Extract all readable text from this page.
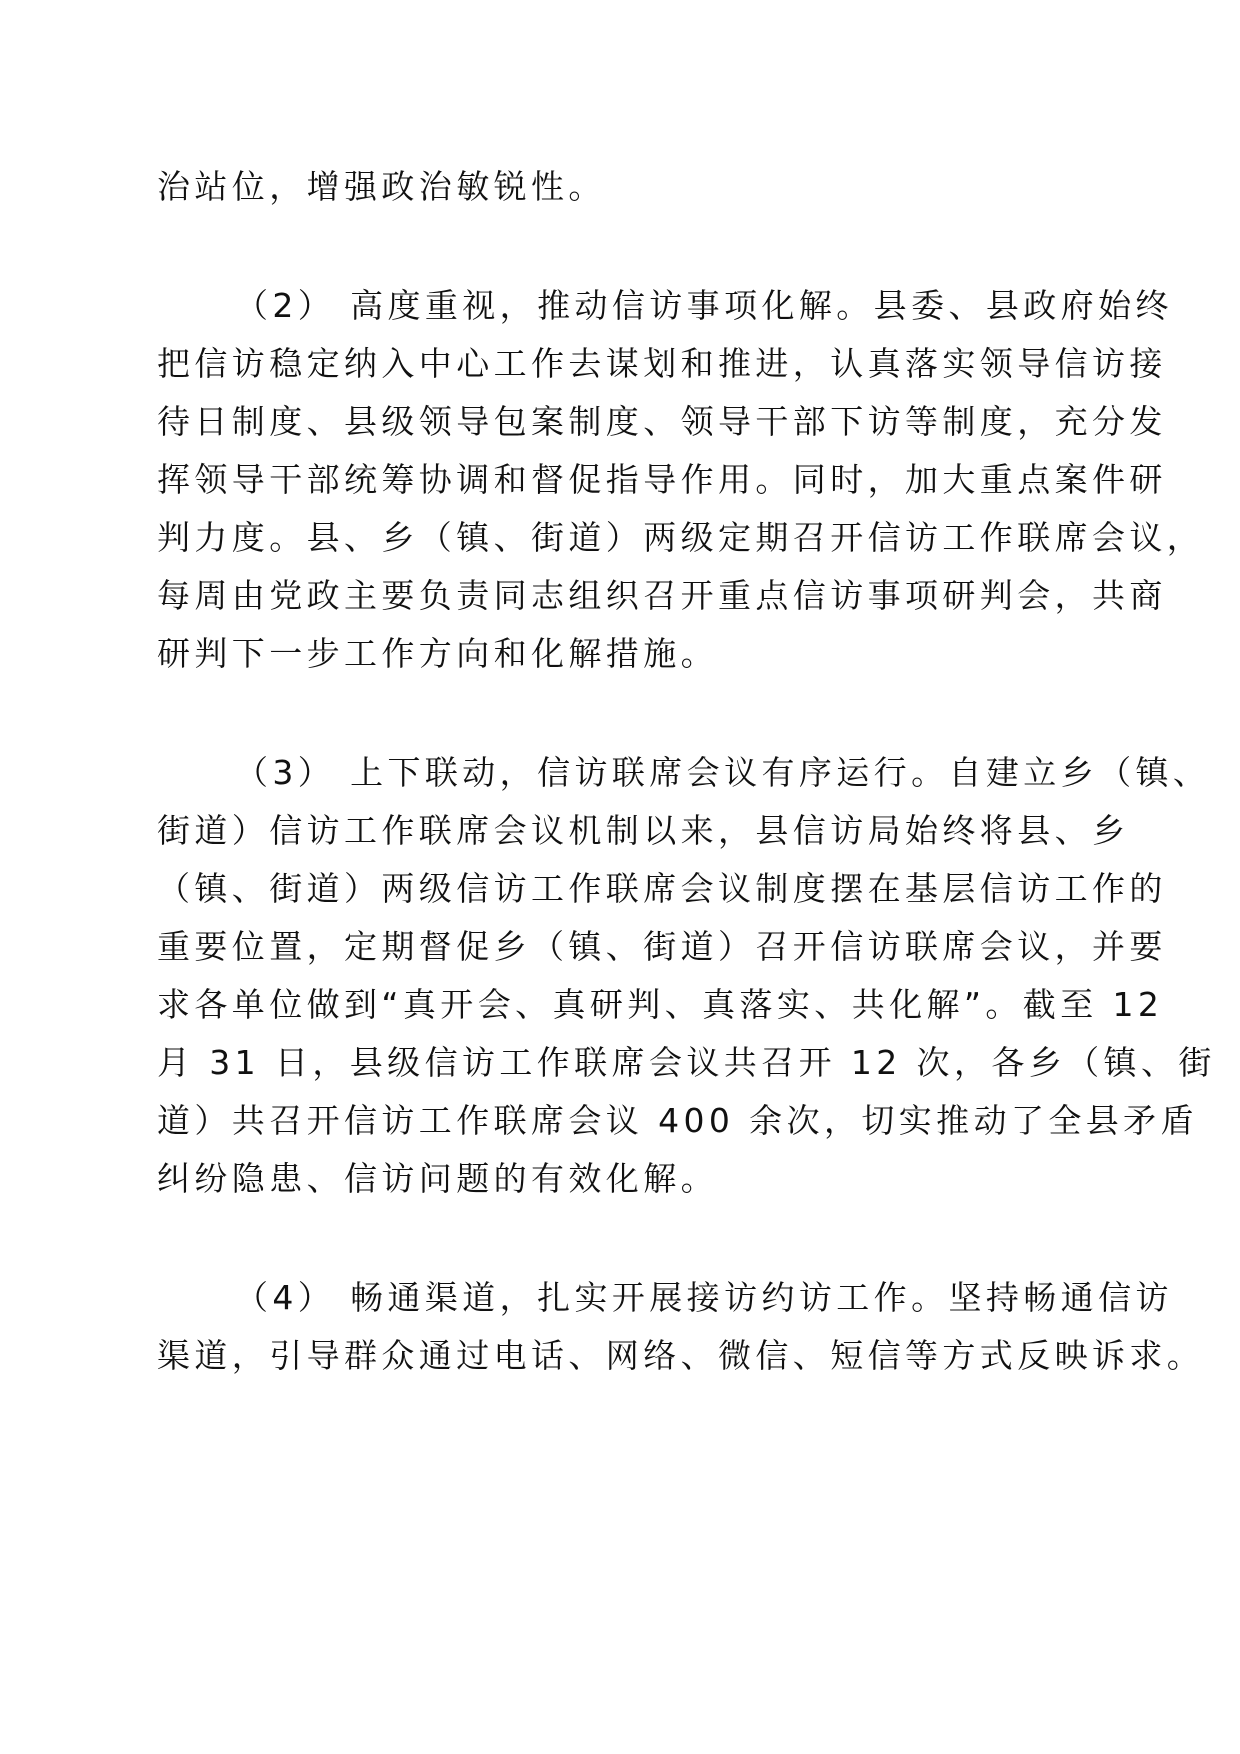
治站位，增强政治敏锐性。
（2） 高度重视，推动信访事项化解。县委、县政府始终
把信访稳定纳入中心工作去谋划和推进，认真落实领导信访接
待日制度、县级领导包案制度、领导干部下访等制度，充分发
挥领导干部统筹协调和督促指导作用。同时，加大重点案件研
判力度。县、乡（镇、街道）两级定期召开信访工作联席会议，
每周由党政主要负责同志组织召开重点信访事项研判会，共商
研判下一步工作方向和化解措施。
（3） 上下联动，信访联席会议有序运行。自建立乡（镇、
街道）信访工作联席会议机制以来，县信访局始终将县、乡
（镇、街道）两级信访工作联席会议制度摆在基层信访工作的
重要位置，定期督促乡（镇、街道）召开信访联席会议，并要
求各单位做到“真开会、真研判、真落实、共化解”。截至 12
月 31 日，县级信访工作联席会议共召开 12 次，各乡（镇、街
道）共召开信访工作联席会议 400 余次，切实推动了全县矛盾
纠纷隐患、信访问题的有效化解。
（4） 畅通渠道，扎实开展接访约访工作。坚持畅通信访
渠道，引导群众通过电话、网络、微信、短信等方式反映诉求。
